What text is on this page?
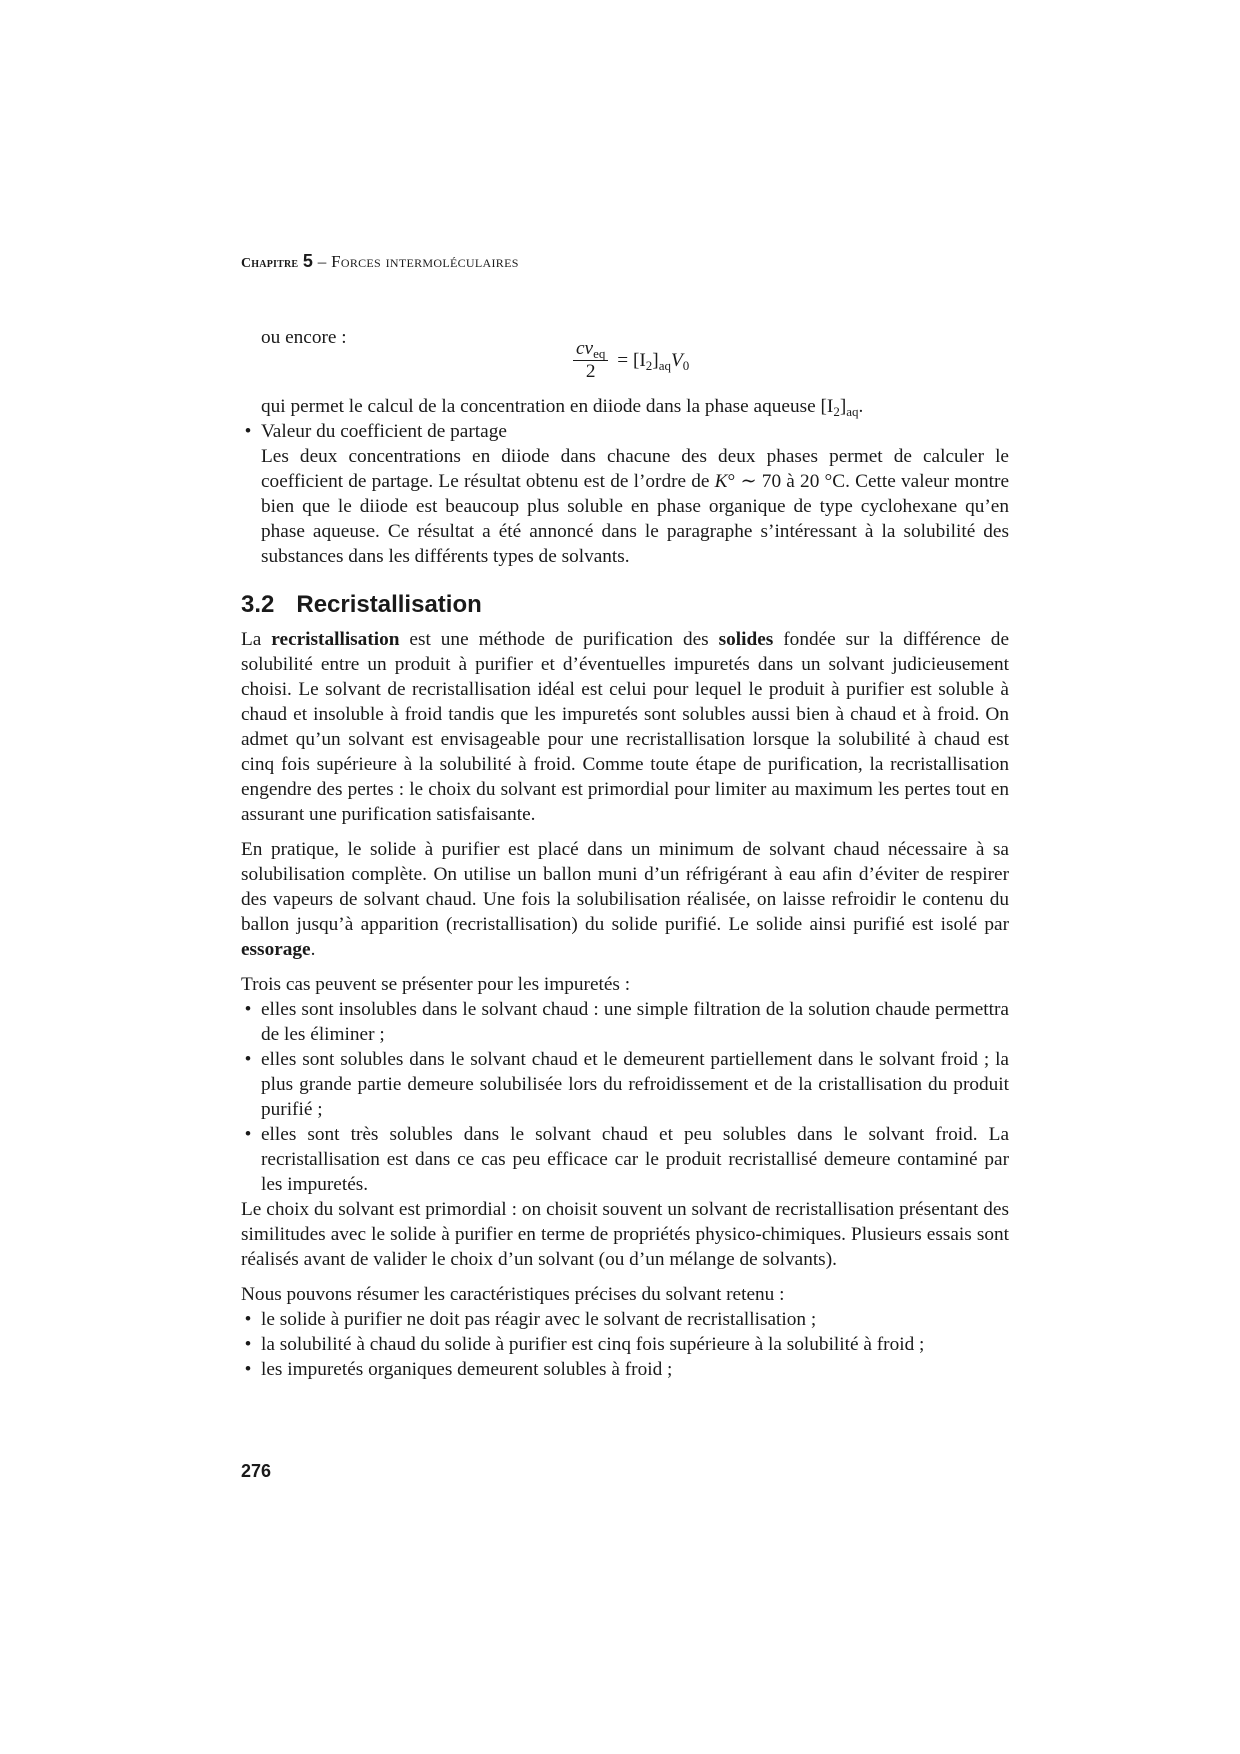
Chapitre 5 – Forces intermoléculaires

ou encore :

$\frac{cv_{eq}}{2} = [I_2]_{aq}V_0$

qui permet le calcul de la concentration en diiode dans la phase aqueuse $[I_2]_{aq}$.

• Valeur du coefficient de partage
Les deux concentrations en diiode dans chacune des deux phases permet de calculer le coefficient de partage. Le résultat obtenu est de l’ordre de K° ∼ 70 à 20 °C. Cette valeur montre bien que le diiode est beaucoup plus soluble en phase organique de type cyclohexane qu’en phase aqueuse. Ce résultat a été annoncé dans le paragraphe s’intéressant à la solubilité des substances dans les différents types de solvants.
3.2 Recristallisation

La recristallisation est une méthode de purification des solides fondée sur la différence de solubilité entre un produit à purifier et d’éventuelles impuretés dans un solvant judicieusement choisi. Le solvant de recristallisation idéal est celui pour lequel le produit à purifier est soluble à chaud et insoluble à froid tandis que les impuretés sont solubles aussi bien à chaud et à froid. On admet qu’un solvant est envisageable pour une recristallisation lorsque la solubilité à chaud est cinq fois supérieure à la solubilité à froid. Comme toute étape de purification, la recristallisation engendre des pertes : le choix du solvant est primordial pour limiter au maximum les pertes tout en assurant une purification satisfaisante.

En pratique, le solide à purifier est placé dans un minimum de solvant chaud nécessaire à sa solubilisation complète. On utilise un ballon muni d’un réfrigérant à eau afin d’éviter de respirer des vapeurs de solvant chaud. Une fois la solubilisation réalisée, on laisse refroidir le contenu du ballon jusqu’à apparition (recristallisation) du solide purifié. Le solide ainsi purifié est isolé par essorage.

Trois cas peuvent se présenter pour les impuretés :

• elles sont insolubles dans le solvant chaud : une simple filtration de la solution chaude permettra de les éliminer ;
• elles sont solubles dans le solvant chaud et le demeurent partiellement dans le solvant froid ; la plus grande partie demeure solubilisée lors du refroidissement et de la cristallisation du produit purifié ;
• elles sont très solubles dans le solvant chaud et peu solubles dans le solvant froid. La recristallisation est dans ce cas peu efficace car le produit recristallisé demeure contaminé par les impuretés.

Le choix du solvant est primordial : on choisit souvent un solvant de recristallisation présentant des similitudes avec le solide à purifier en terme de propriétés physico-chimiques. Plusieurs essais sont réalisés avant de valider le choix d’un solvant (ou d’un mélange de solvants).

Nous pouvons résumer les caractéristiques précises du solvant retenu :

• le solide à purifier ne doit pas réagir avec le solvant de recristallisation ;
• la solubilité à chaud du solide à purifier est cinq fois supérieure à la solubilité à froid ;
• les impuretés organiques demeurent solubles à froid ;
276
